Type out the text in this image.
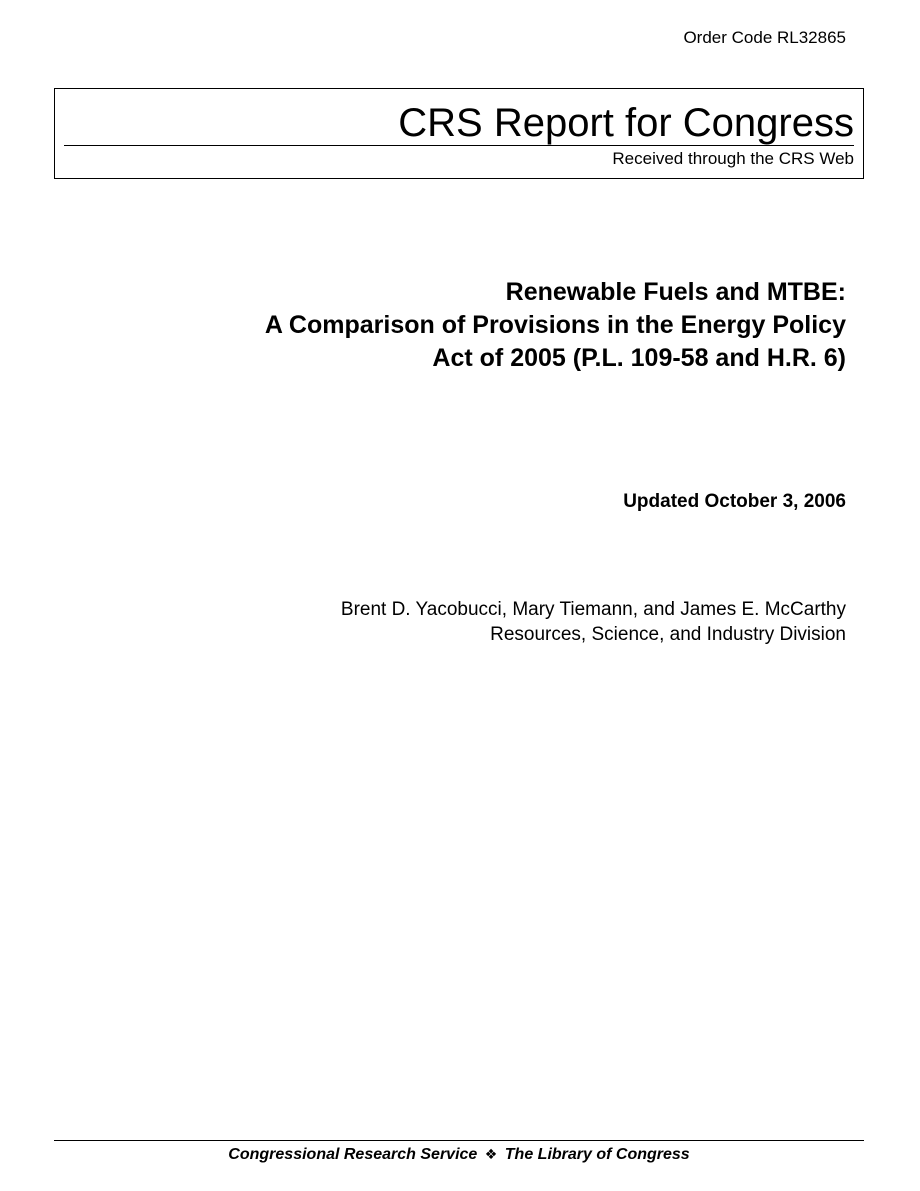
Order Code RL32865
CRS Report for Congress
Received through the CRS Web
Renewable Fuels and MTBE:
A Comparison of Provisions in the Energy Policy
Act of 2005 (P.L. 109-58 and H.R. 6)
Updated October 3, 2006
Brent D. Yacobucci, Mary Tiemann, and James E. McCarthy
Resources, Science, and Industry Division
Congressional Research Service ❖ The Library of Congress
